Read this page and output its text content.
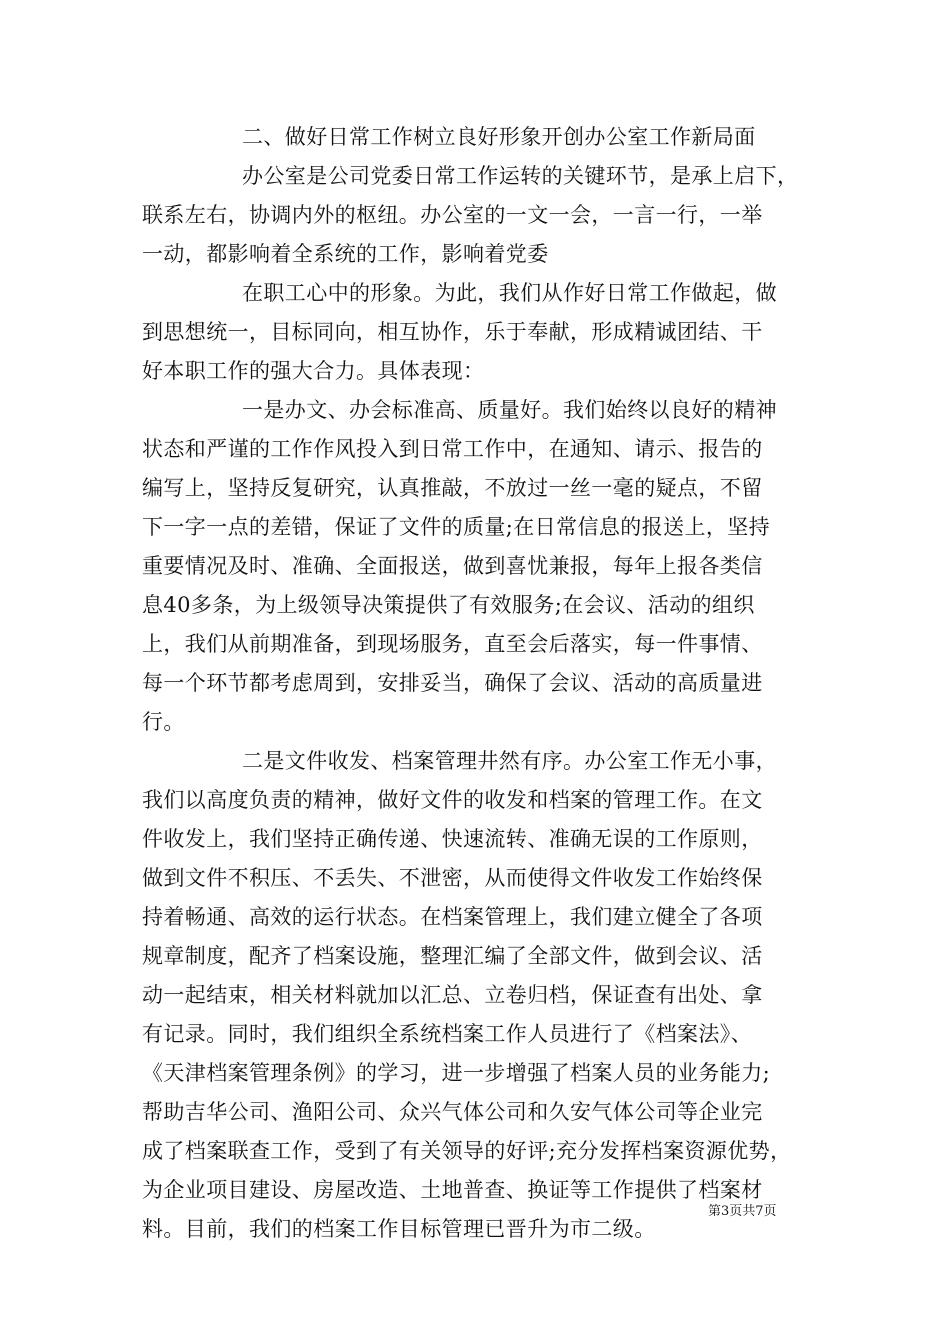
二、做好日常工作树立良好形象开创办公室工作新局面
办公室是公司党委日常工作运转的关键环节，是承上启下，
联系左右，协调内外的枢纽。办公室的一文一会，一言一行，一举
一动，都影响着全系统的工作，影响着党委
在职工心中的形象。为此，我们从作好日常工作做起，做
到思想统一，目标同向，相互协作，乐于奉献，形成精诚团结、干
好本职工作的强大合力。具体表现：
一是办文、办会标准高、质量好。我们始终以良好的精神
状态和严谨的工作作风投入到日常工作中，在通知、请示、报告的
编写上，坚持反复研究，认真推敲，不放过一丝一毫的疑点，不留
下一字一点的差错，保证了文件的质量;在日常信息的报送上，坚持
重要情况及时、准确、全面报送，做到喜忧兼报，每年上报各类信
息40多条，为上级领导决策提供了有效服务;在会议、活动的组织
上，我们从前期准备，到现场服务，直至会后落实，每一件事情、
每一个环节都考虑周到，安排妥当，确保了会议、活动的高质量进
行。
二是文件收发、档案管理井然有序。办公室工作无小事，
我们以高度负责的精神，做好文件的收发和档案的管理工作。在文
件收发上，我们坚持正确传递、快速流转、准确无误的工作原则，
做到文件不积压、不丢失、不泄密，从而使得文件收发工作始终保
持着畅通、高效的运行状态。在档案管理上，我们建立健全了各项
规章制度，配齐了档案设施，整理汇编了全部文件，做到会议、活
动一起结束，相关材料就加以汇总、立卷归档，保证查有出处、拿
有记录。同时，我们组织全系统档案工作人员进行了《档案法》、
《天津档案管理条例》的学习，进一步增强了档案人员的业务能力;
帮助吉华公司、渔阳公司、众兴气体公司和久安气体公司等企业完
成了档案联查工作，受到了有关领导的好评;充分发挥档案资源优势，
为企业项目建设、房屋改造、土地普查、换证等工作提供了档案材
料。目前，我们的档案工作目标管理已晋升为市二级。
第3页共7页
